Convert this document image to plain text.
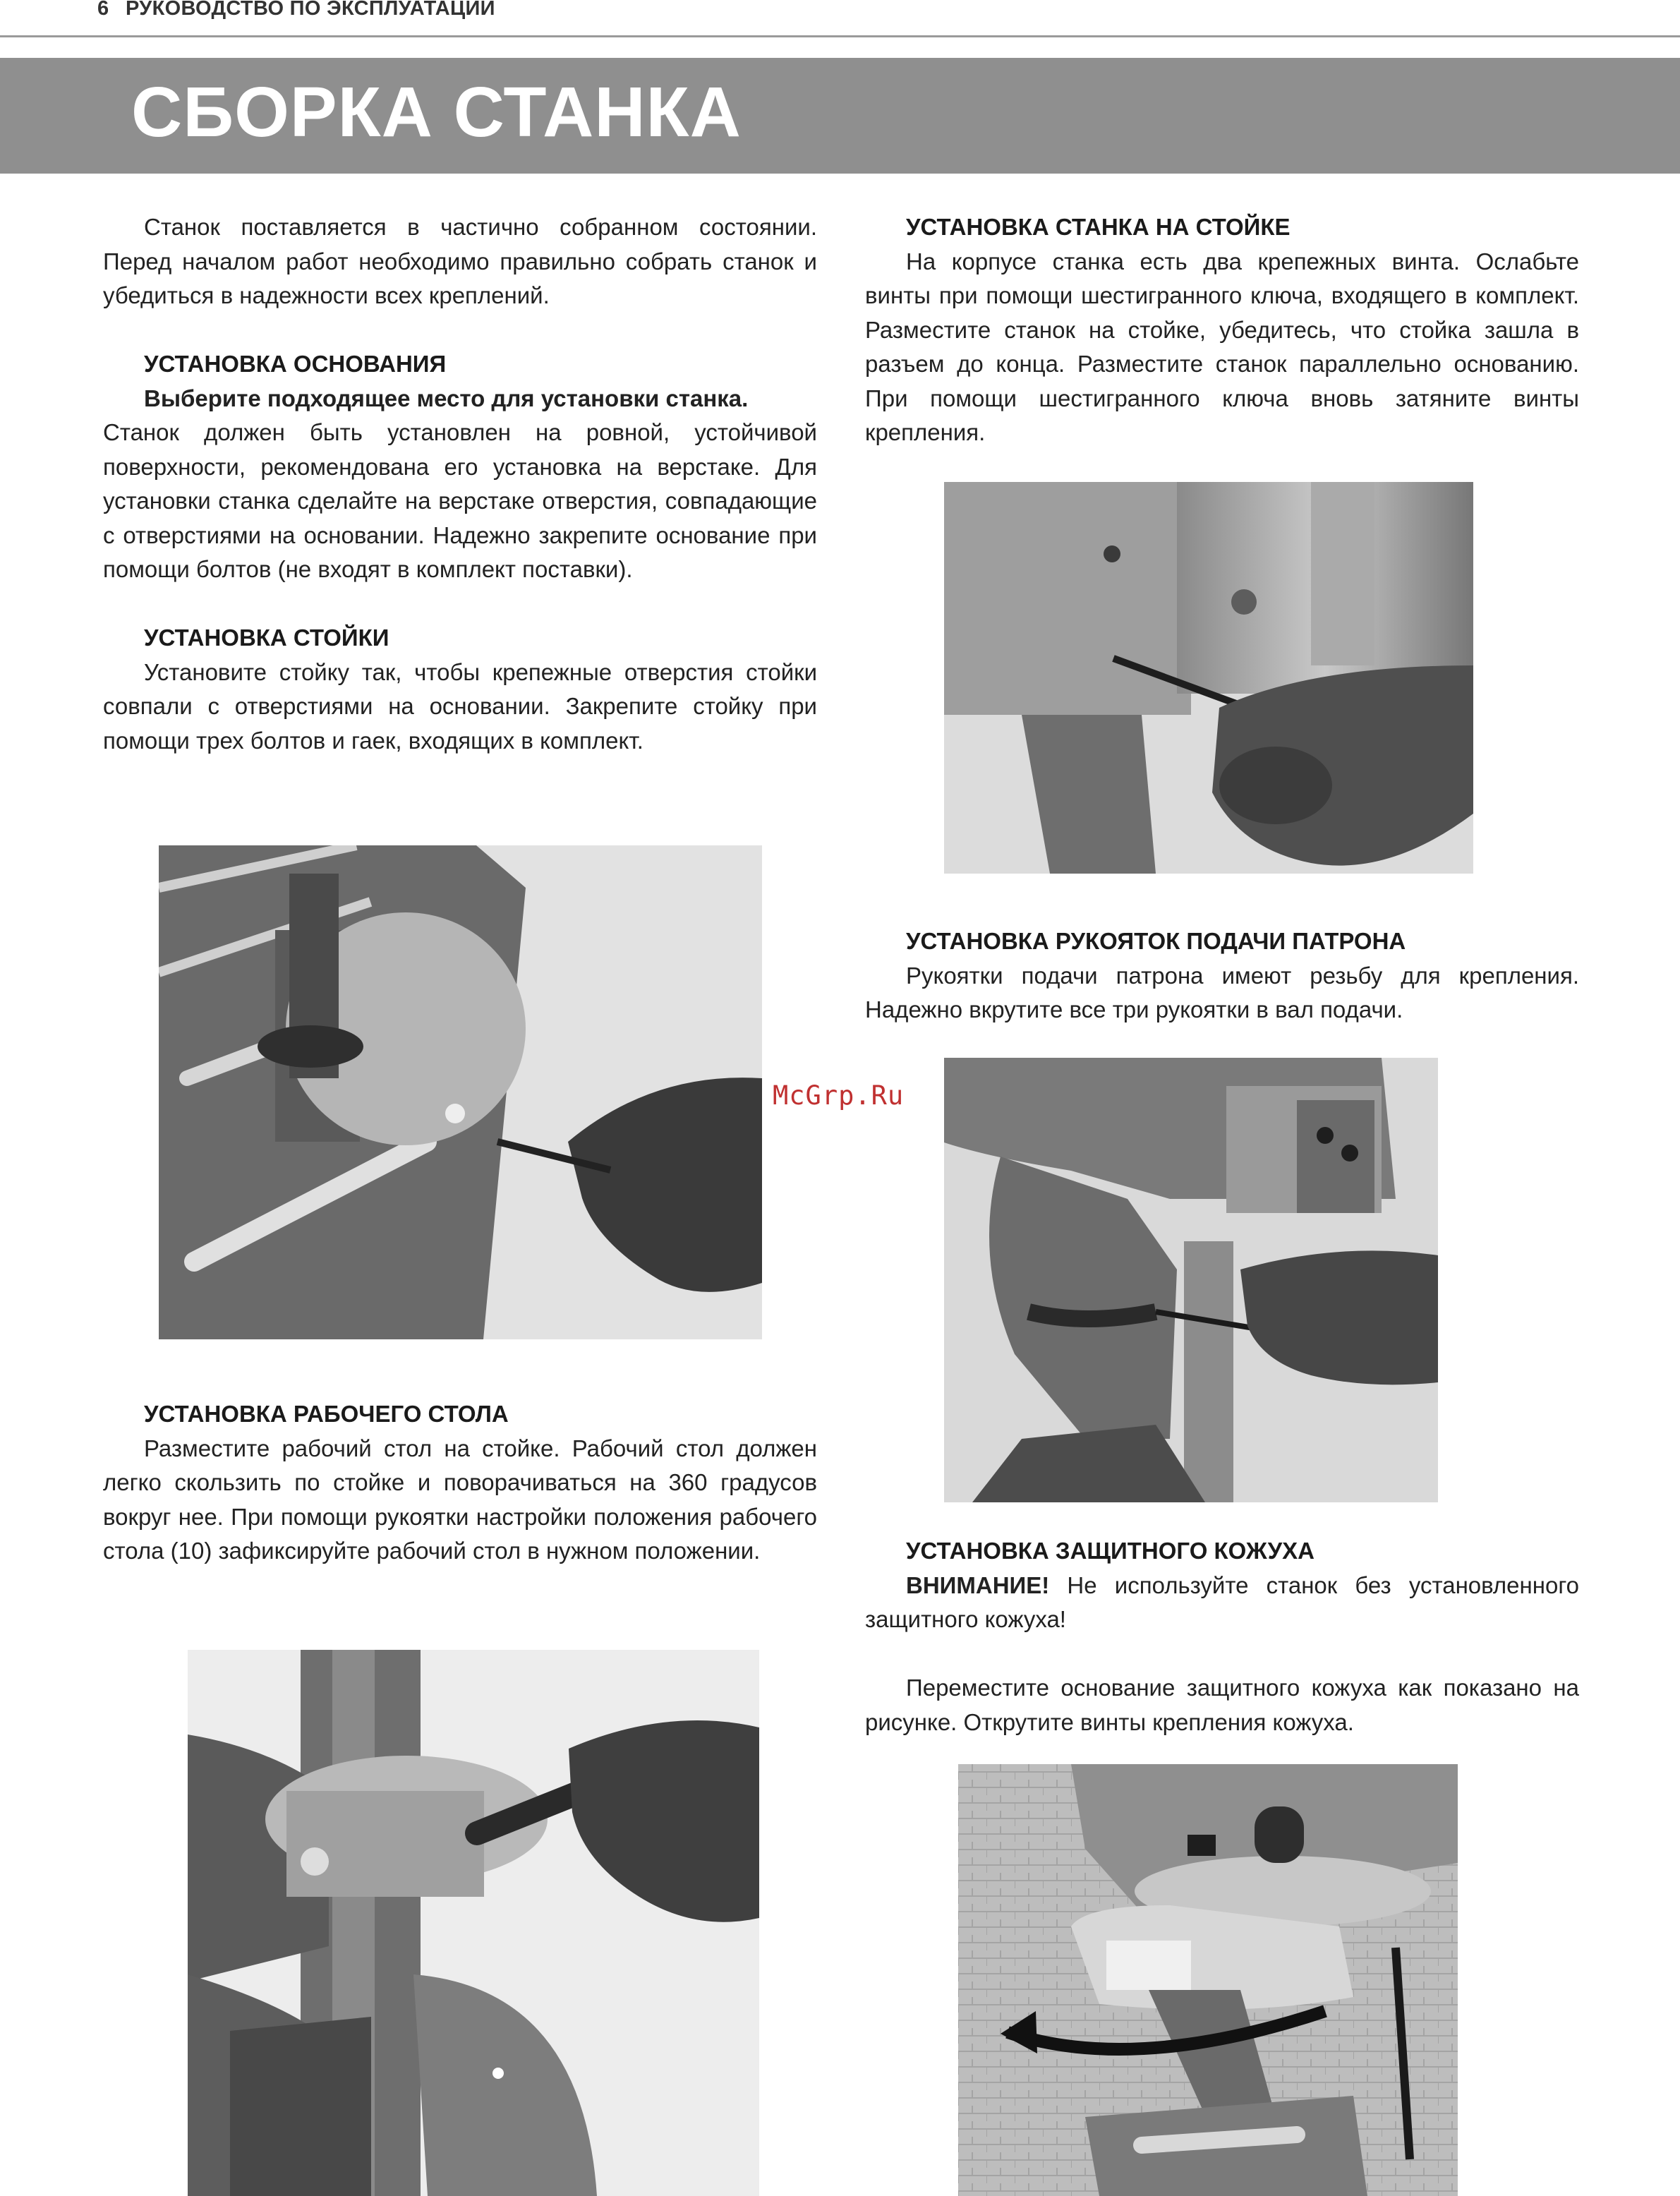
6 РУКОВОДСТВО ПО ЭКСПЛУАТАЦИИ
СБОРКА СТАНКА

Станок поставляется в частично собранном состоянии. Перед началом работ необходимо правильно собрать станок и убедиться в надежности всех креплений.

УСТАНОВКА ОСНОВАНИЯ

Выберите подходящее место для установки станка.
Станок должен быть установлен на ровной, устойчивой поверхности, рекомендована его установка на верстаке. Для установки станка сделайте на верстаке отверстия, совпадающие с отверстиями на основании. Надежно закрепите основание при помощи болтов (не входят в комплект поставки).

УСТАНОВКА СТОЙКИ

Установите стойку так, чтобы крепежные отверстия стойки совпали с отверстиями на основании. Закрепите стойку при помощи трех болтов и гаек, входящих в комплект.

УСТАНОВКА РАБОЧЕГО СТОЛА

Разместите рабочий стол на стойке. Рабочий стол должен легко скользить по стойке и поворачиваться на 360 градусов вокруг нее. При помощи рукоятки настройки положения рабочего стола (10) зафиксируйте рабочий стол в нужном положении.

УСТАНОВКА СТАНКА НА СТОЙКЕ

На корпусе станка есть два крепежных винта. Ослабьте винты при помощи шестигранного ключа, входящего в комплект. Разместите станок на стойке, убедитесь, что стойка зашла в разъем до конца. Разместите станок параллельно основанию. При помощи шестигранного ключа вновь затяните винты крепления.

УСТАНОВКА РУКОЯТОК ПОДАЧИ ПАТРОНА

Рукоятки подачи патрона имеют резьбу для крепления. Надежно вкрутите все три рукоятки в вал подачи.

УСТАНОВКА ЗАЩИТНОГО КОЖУХА

ВНИМАНИЕ! Не используйте станок без установленного защитного кожуха!

Переместите основание защитного кожуха как показано на рисунке. Открутите винты крепления кожуха.

McGrp.Ru
